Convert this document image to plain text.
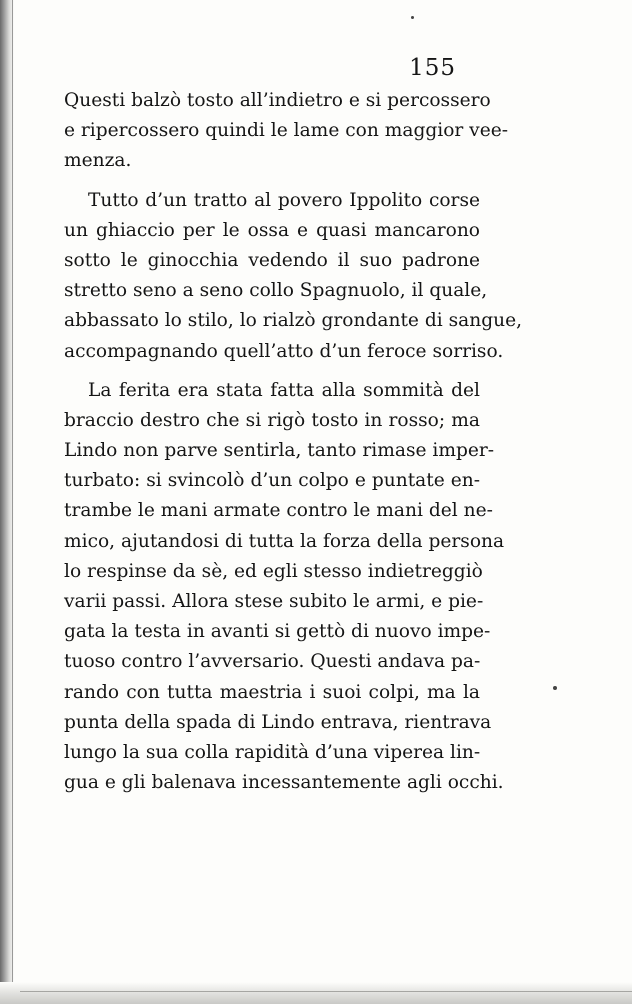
155
Questi balzò tosto all’indietro e si percossero
e ripercossero quindi le lame con maggior vee-
menza.
Tutto d’un tratto al povero Ippolito corse
un ghiaccio per le ossa e quasi mancarono
sotto le ginocchia vedendo il suo padrone
stretto seno a seno collo Spagnuolo, il quale,
abbassato lo stilo, lo rialzò grondante di sangue,
accompagnando quell’atto d’un feroce sorriso.
La ferita era stata fatta alla sommità del
braccio destro che si rigò tosto in rosso; ma
Lindo non parve sentirla, tanto rimase imper-
turbato: si svincolò d’un colpo e puntate en-
trambe le mani armate contro le mani del ne-
mico, ajutandosi di tutta la forza della persona
lo respinse da sè, ed egli stesso indietreggiò
varii passi. Allora stese subito le armi, e pie-
gata la testa in avanti si gettò di nuovo impe-
tuoso contro l’avversario. Questi andava pa-
rando con tutta maestria i suoi colpi, ma la
punta della spada di Lindo entrava, rientrava
lungo la sua colla rapidità d’una viperea lin-
gua e gli balenava incessantemente agli occhi.
